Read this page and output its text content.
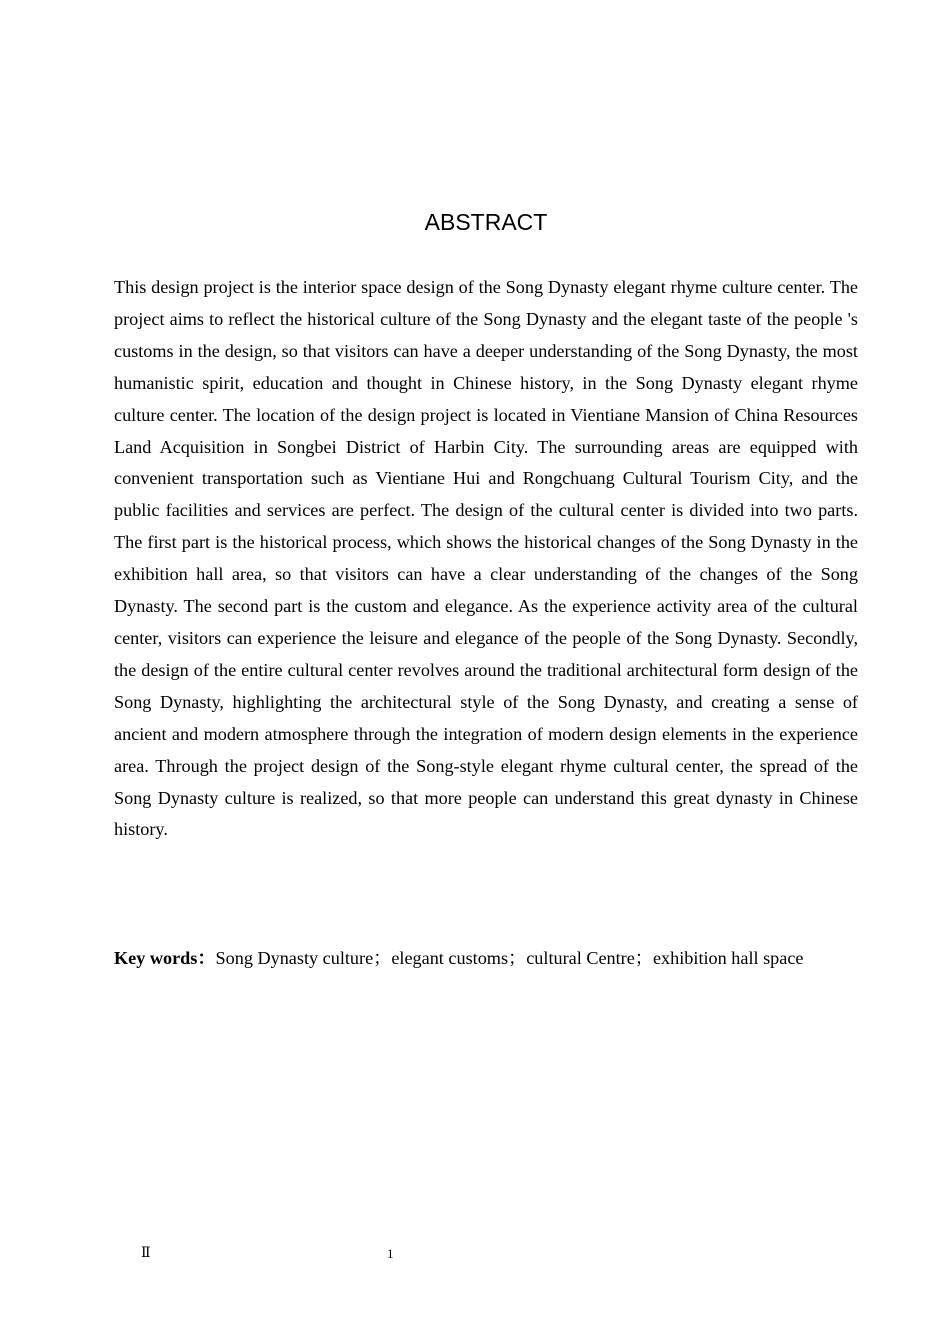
ABSTRACT

This design project is the interior space design of the Song Dynasty elegant rhyme culture center. The project aims to reflect the historical culture of the Song Dynasty and the elegant taste of the people 's customs in the design, so that visitors can have a deeper understanding of the Song Dynasty, the most humanistic spirit, education and thought in Chinese history, in the Song Dynasty elegant rhyme culture center. The location of the design project is located in Vientiane Mansion of China Resources Land Acquisition in Songbei District of Harbin City. The surrounding areas are equipped with convenient transportation such as Vientiane Hui and Rongchuang Cultural Tourism City, and the public facilities and services are perfect. The design of the cultural center is divided into two parts. The first part is the historical process, which shows the historical changes of the Song Dynasty in the exhibition hall area, so that visitors can have a clear understanding of the changes of the Song Dynasty. The second part is the custom and elegance. As the experience activity area of the cultural center, visitors can experience the leisure and elegance of the people of the Song Dynasty. Secondly, the design of the entire cultural center revolves around the traditional architectural form design of the Song Dynasty, highlighting the architectural style of the Song Dynasty, and creating a sense of ancient and modern atmosphere through the integration of modern design elements in the experience area. Through the project design of the Song-style elegant rhyme cultural center, the spread of the Song Dynasty culture is realized, so that more people can understand this great dynasty in Chinese history.

Key words：Song Dynasty culture；elegant customs；cultural Centre；exhibition hall space

Ⅱ	1
